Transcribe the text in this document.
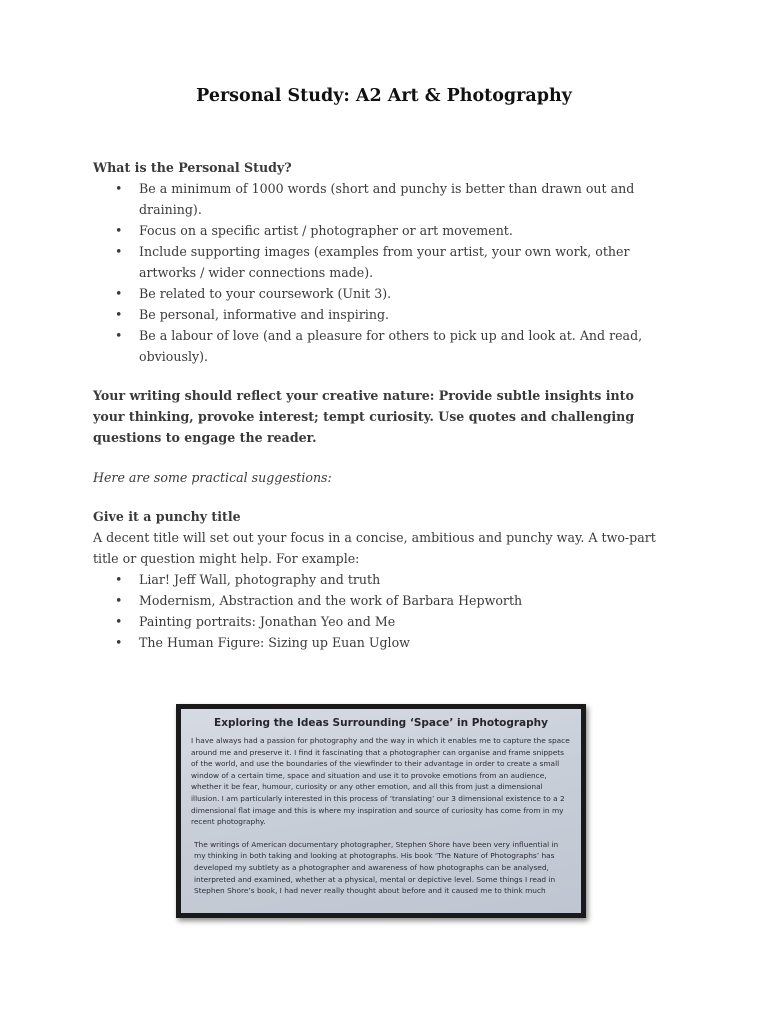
Personal Study: A2 Art & Photography

What is the Personal Study?

• Be a minimum of 1000 words (short and punchy is better than drawn out and draining).
• Focus on a specific artist / photographer or art movement.
• Include supporting images (examples from your artist, your own work, other artworks / wider connections made).
• Be related to your coursework (Unit 3).
• Be personal, informative and inspiring.
• Be a labour of love (and a pleasure for others to pick up and look at. And read, obviously).

Your writing should reflect your creative nature: Provide subtle insights into your thinking, provoke interest; tempt curiosity. Use quotes and challenging questions to engage the reader.

Here are some practical suggestions:

Give it a punchy title

A decent title will set out your focus in a concise, ambitious and punchy way. A two-part title or question might help. For example:

• Liar! Jeff Wall, photography and truth
• Modernism, Abstraction and the work of Barbara Hepworth
• Painting portraits: Jonathan Yeo and Me
• The Human Figure: Sizing up Euan Uglow

Exploring the Ideas Surrounding ‘Space’ in Photography

I have always had a passion for photography and the way in which it enables me to capture the space around me and preserve it. I find it fascinating that a photographer can organise and frame snippets of the world, and use the boundaries of the viewfinder to their advantage in order to create a small window of a certain time, space and situation and use it to provoke emotions from an audience, whether it be fear, humour, curiosity or any other emotion, and all this from just a dimensional illusion. I am particularly interested in this process of ‘translating’ our 3 dimensional existence to a 2 dimensional flat image and this is where my inspiration and source of curiosity has come from in my recent photography.

The writings of American documentary photographer, Stephen Shore have been very influential in my thinking in both taking and looking at photographs. His book ‘The Nature of Photographs’ has developed my subtlety as a photographer and awareness of how photographs can be analysed, interpreted and examined, whether at a physical, mental or depictive level. Some things I read in Stephen Shore’s book, I had never really thought about before and it caused me to think much
